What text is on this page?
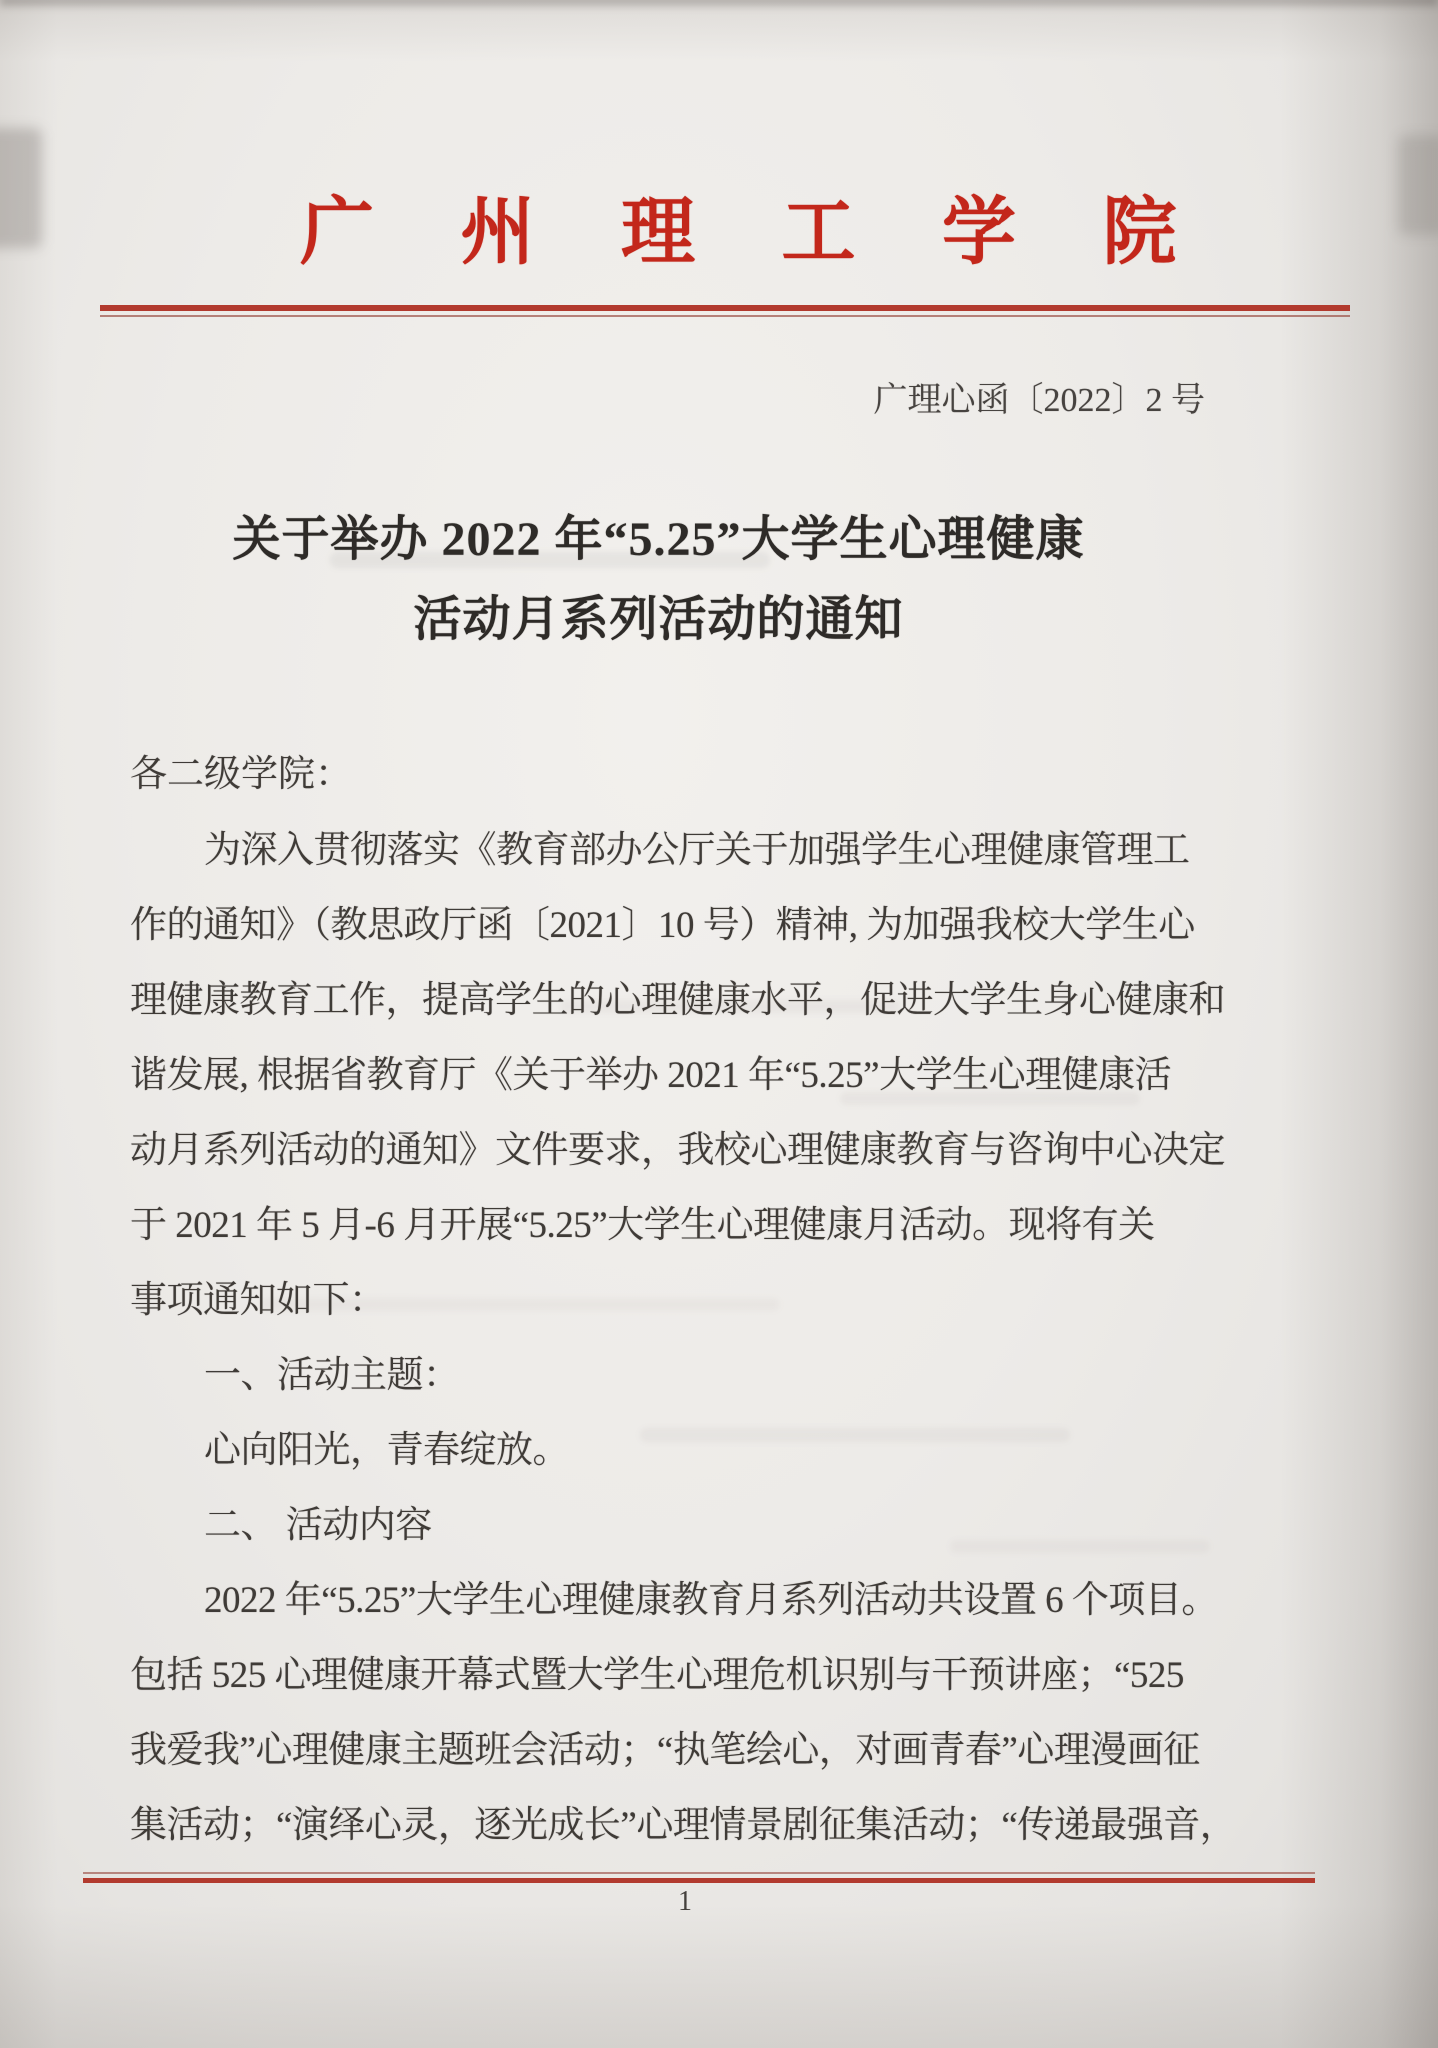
广 州 理 工 学 院
广理心函〔2022〕2 号
关于举办 2022 年“5.25”大学生心理健康
活动月系列活动的通知
各二级学院：
为深入贯彻落实《教育部办公厅关于加强学生心理健康管理工
作的通知》（教思政厅函〔2021〕10 号）精神, 为加强我校大学生心
理健康教育工作，提高学生的心理健康水平，促进大学生身心健康和
谐发展, 根据省教育厅《关于举办 2021 年“5.25”大学生心理健康活
动月系列活动的通知》文件要求，我校心理健康教育与咨询中心决定
于 2021 年 5 月-6 月开展“5.25”大学生心理健康月活动。现将有关
事项通知如下：
一、活动主题：
心向阳光，青春绽放。
二、 活动内容
2022 年“5.25”大学生心理健康教育月系列活动共设置 6 个项目。
包括 525 心理健康开幕式暨大学生心理危机识别与干预讲座；“525
我爱我”心理健康主题班会活动；“执笔绘心，对画青春”心理漫画征
集活动；“演绎心灵，逐光成长”心理情景剧征集活动；“传递最强音，
1
